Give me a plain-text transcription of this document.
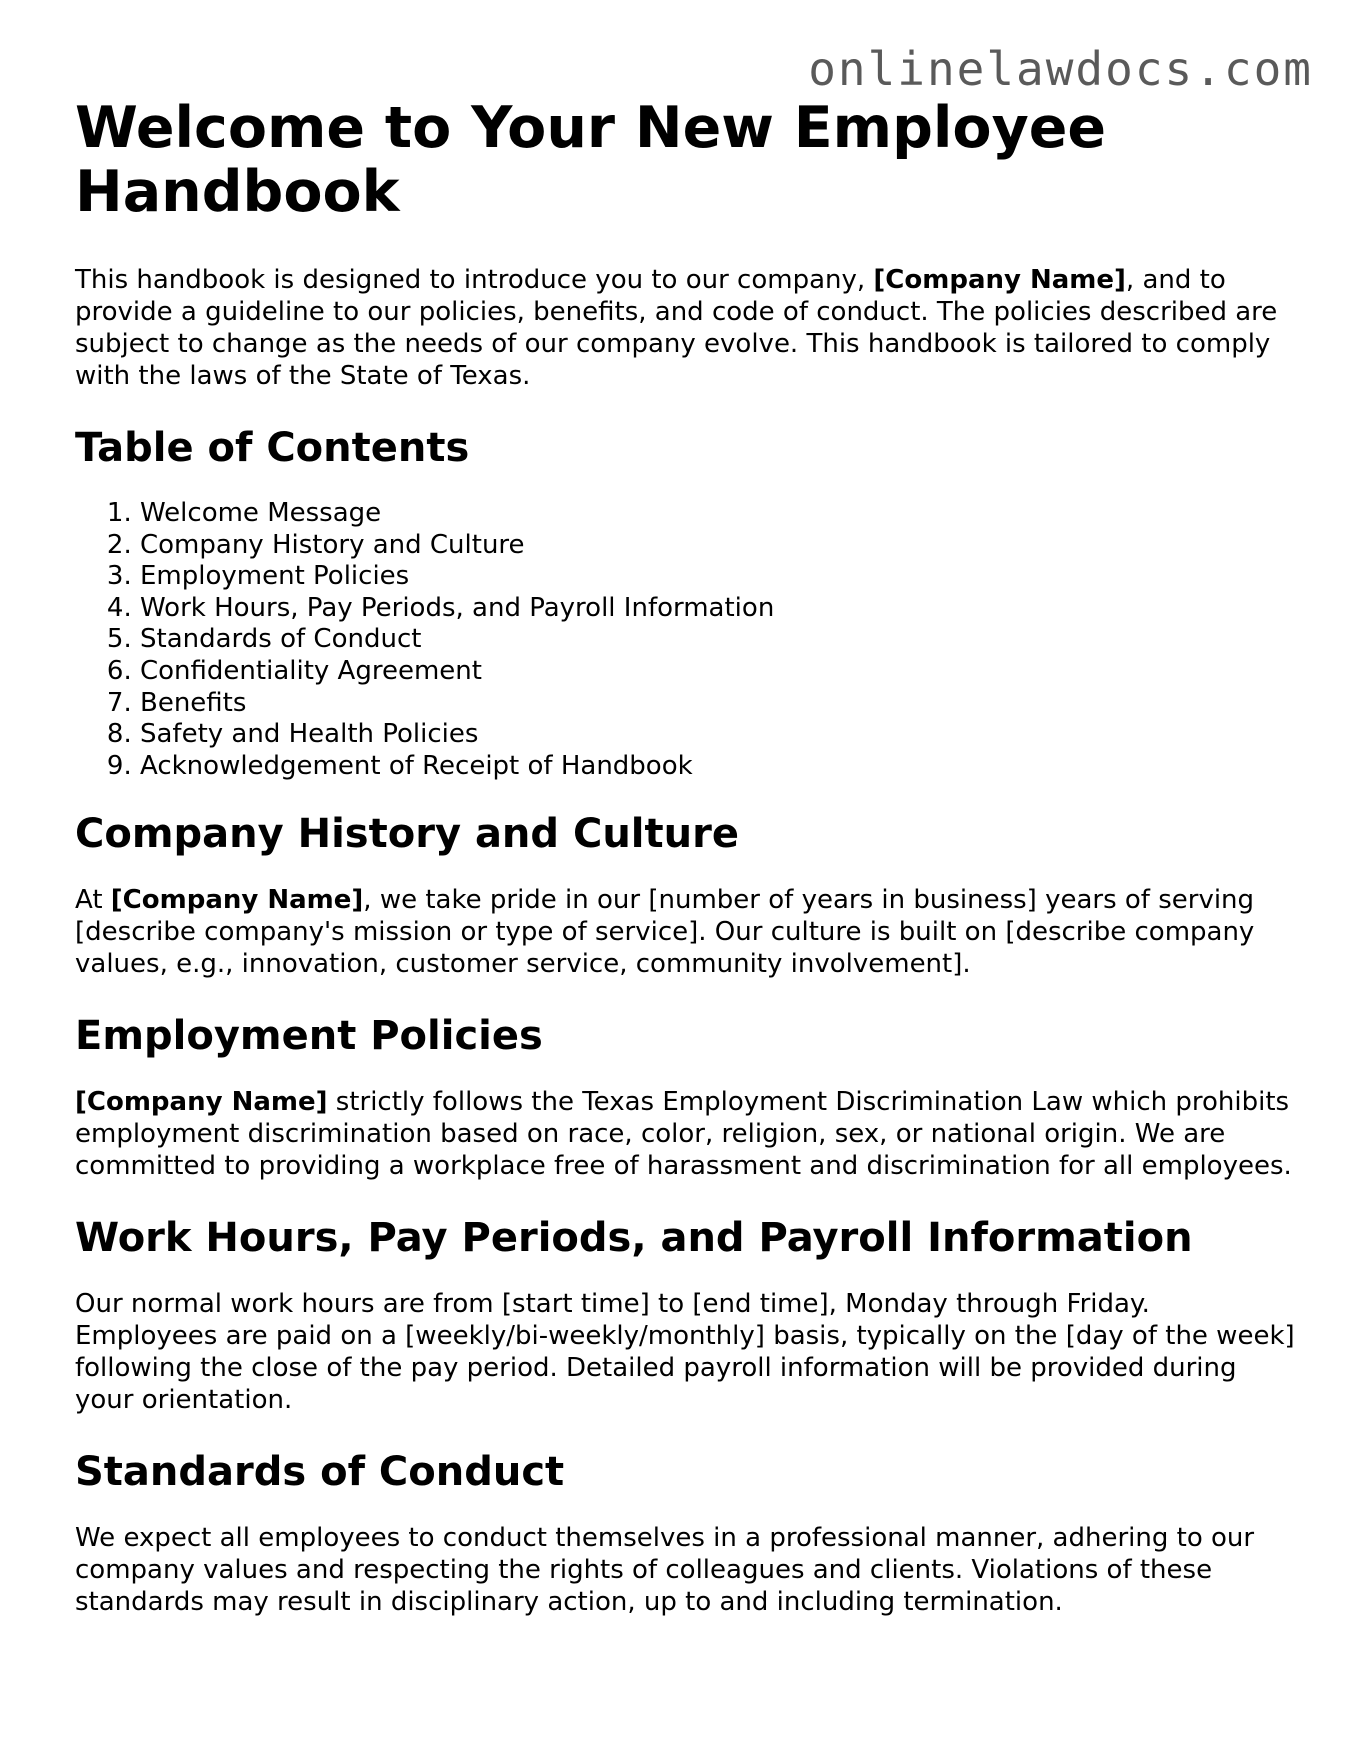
onlinelawdocs.com
Welcome to Your New Employee Handbook

This handbook is designed to introduce you to our company, [Company Name], and to provide a guideline to our policies, benefits, and code of conduct. The policies described are subject to change as the needs of our company evolve. This handbook is tailored to comply with the laws of the State of Texas.

Table of Contents
1. Welcome Message
2. Company History and Culture
3. Employment Policies
4. Work Hours, Pay Periods, and Payroll Information
5. Standards of Conduct
6. Confidentiality Agreement
7. Benefits
8. Safety and Health Policies
9. Acknowledgement of Receipt of Handbook
Company History and Culture

At [Company Name], we take pride in our [number of years in business] years of serving [describe company's mission or type of service]. Our culture is built on [describe company values, e.g., innovation, customer service, community involvement].

Employment Policies

[Company Name] strictly follows the Texas Employment Discrimination Law which prohibits employment discrimination based on race, color, religion, sex, or national origin. We are committed to providing a workplace free of harassment and discrimination for all employees.

Work Hours, Pay Periods, and Payroll Information

Our normal work hours are from [start time] to [end time], Monday through Friday. Employees are paid on a [weekly/bi-weekly/monthly] basis, typically on the [day of the week] following the close of the pay period. Detailed payroll information will be provided during your orientation.

Standards of Conduct

We expect all employees to conduct themselves in a professional manner, adhering to our company values and respecting the rights of colleagues and clients. Violations of these standards may result in disciplinary action, up to and including termination.
